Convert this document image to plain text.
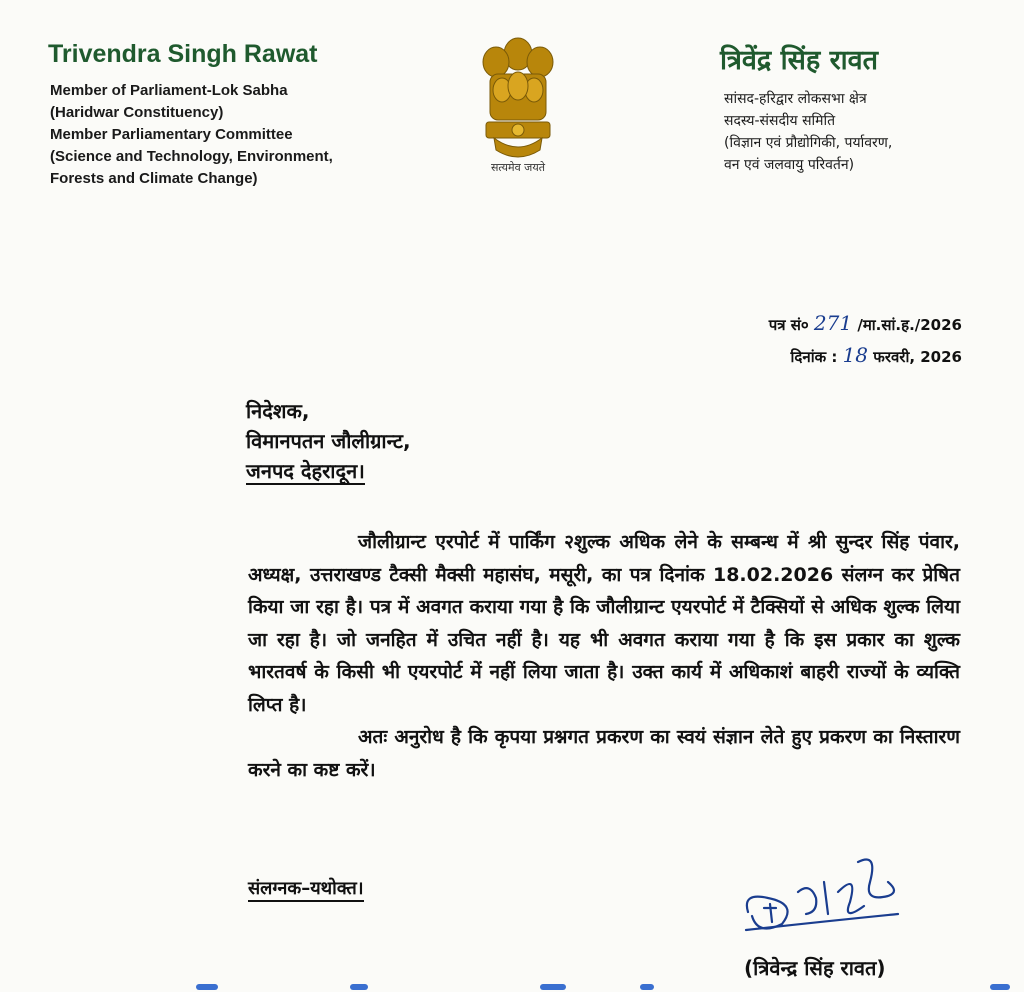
Trivendra Singh Rawat
Member of Parliament-Lok Sabha
(Haridwar Constituency)
Member Parliamentary Committee
(Science and Technology, Environment,
Forests and Climate Change)
सत्यमेव जयते
त्रिवेंद्र सिंह रावत
सांसद-हरिद्वार लोकसभा क्षेत्र
सदस्य-संसदीय समिति
(विज्ञान एवं प्रौद्योगिकी, पर्यावरण,
वन एवं जलवायु परिवर्तन)
पत्र सं० 271 /मा.सां.ह./2026
दिनांक : 18 फरवरी, 2026
निदेशक,
विमानपतन जौलीग्रान्ट,
जनपद देहरादून।

जौलीग्रान्ट एरपोर्ट में पार्किंग २शुल्क अधिक लेने के सम्बन्ध में श्री सुन्दर सिंह पंवार, अध्यक्ष, उत्तराखण्ड टैक्सी मैक्सी महासंघ, मसूरी, का पत्र दिनांक 18.02.2026 संलग्न कर प्रेषित किया जा रहा है। पत्र में अवगत कराया गया है कि जौलीग्रान्ट एयरपोर्ट में टैक्सियों से अधिक शुल्क लिया जा रहा है। जो जनहित में उचित नहीं है। यह भी अवगत कराया गया है कि इस प्रकार का शुल्क भारतवर्ष के किसी भी एयरपोर्ट में नहीं लिया जाता है। उक्त कार्य में अधिकाशं बाहरी राज्यों के व्यक्ति लिप्त है।

अतः अनुरोध है कि कृपया प्रश्नगत प्रकरण का स्वयं संज्ञान लेते हुए प्रकरण का निस्तारण करने का कष्ट करें।

संलग्नक–यथोक्त।
(त्रिवेन्द्र सिंह रावत)
